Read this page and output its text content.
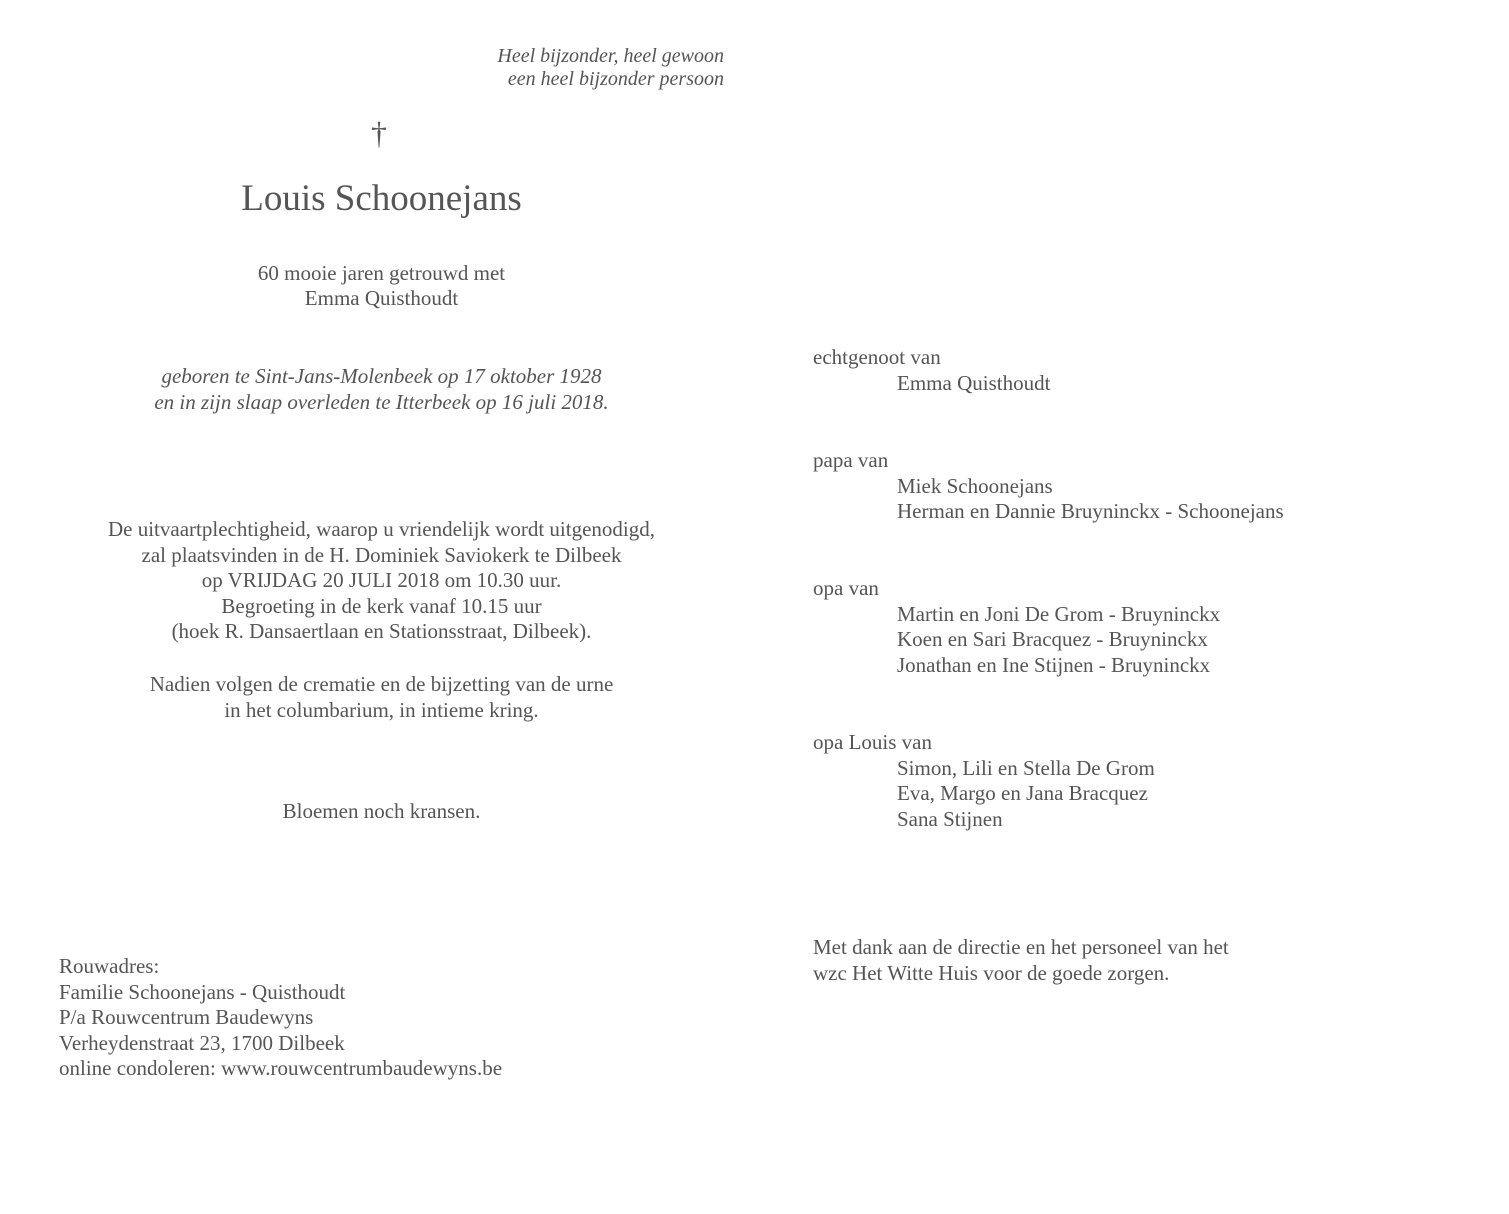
Heel bijzonder, heel gewoon
een heel bijzonder persoon
†
Louis Schoonejans
60 mooie jaren getrouwd met
Emma Quisthoudt
geboren te Sint-Jans-Molenbeek op 17 oktober 1928
en in zijn slaap overleden te Itterbeek op 16 juli 2018.
De uitvaartplechtigheid, waarop u vriendelijk wordt uitgenodigd,
zal plaatsvinden in de H. Dominiek Saviokerk te Dilbeek
op VRIJDAG 20 JULI 2018 om 10.30 uur.
Begroeting in de kerk vanaf 10.15 uur
(hoek R. Dansaertlaan en Stationsstraat, Dilbeek).
Nadien volgen de crematie en de bijzetting van de urne
in het columbarium, in intieme kring.
Bloemen noch kransen.
Rouwadres:
Familie Schoonejans - Quisthoudt
P/a Rouwcentrum Baudewyns
Verheydenstraat 23, 1700 Dilbeek
online condoleren: www.rouwcentrumbaudewyns.be
echtgenoot van
Emma Quisthoudt
papa van
Miek Schoonejans
Herman en Dannie Bruyninckx - Schoonejans
opa van
Martin en Joni De Grom - Bruyninckx
Koen en Sari Bracquez - Bruyninckx
Jonathan en Ine Stijnen - Bruyninckx
opa Louis van
Simon, Lili en Stella De Grom
Eva, Margo en Jana Bracquez
Sana Stijnen
Met dank aan de directie en het personeel van het
wzc Het Witte Huis voor de goede zorgen.
